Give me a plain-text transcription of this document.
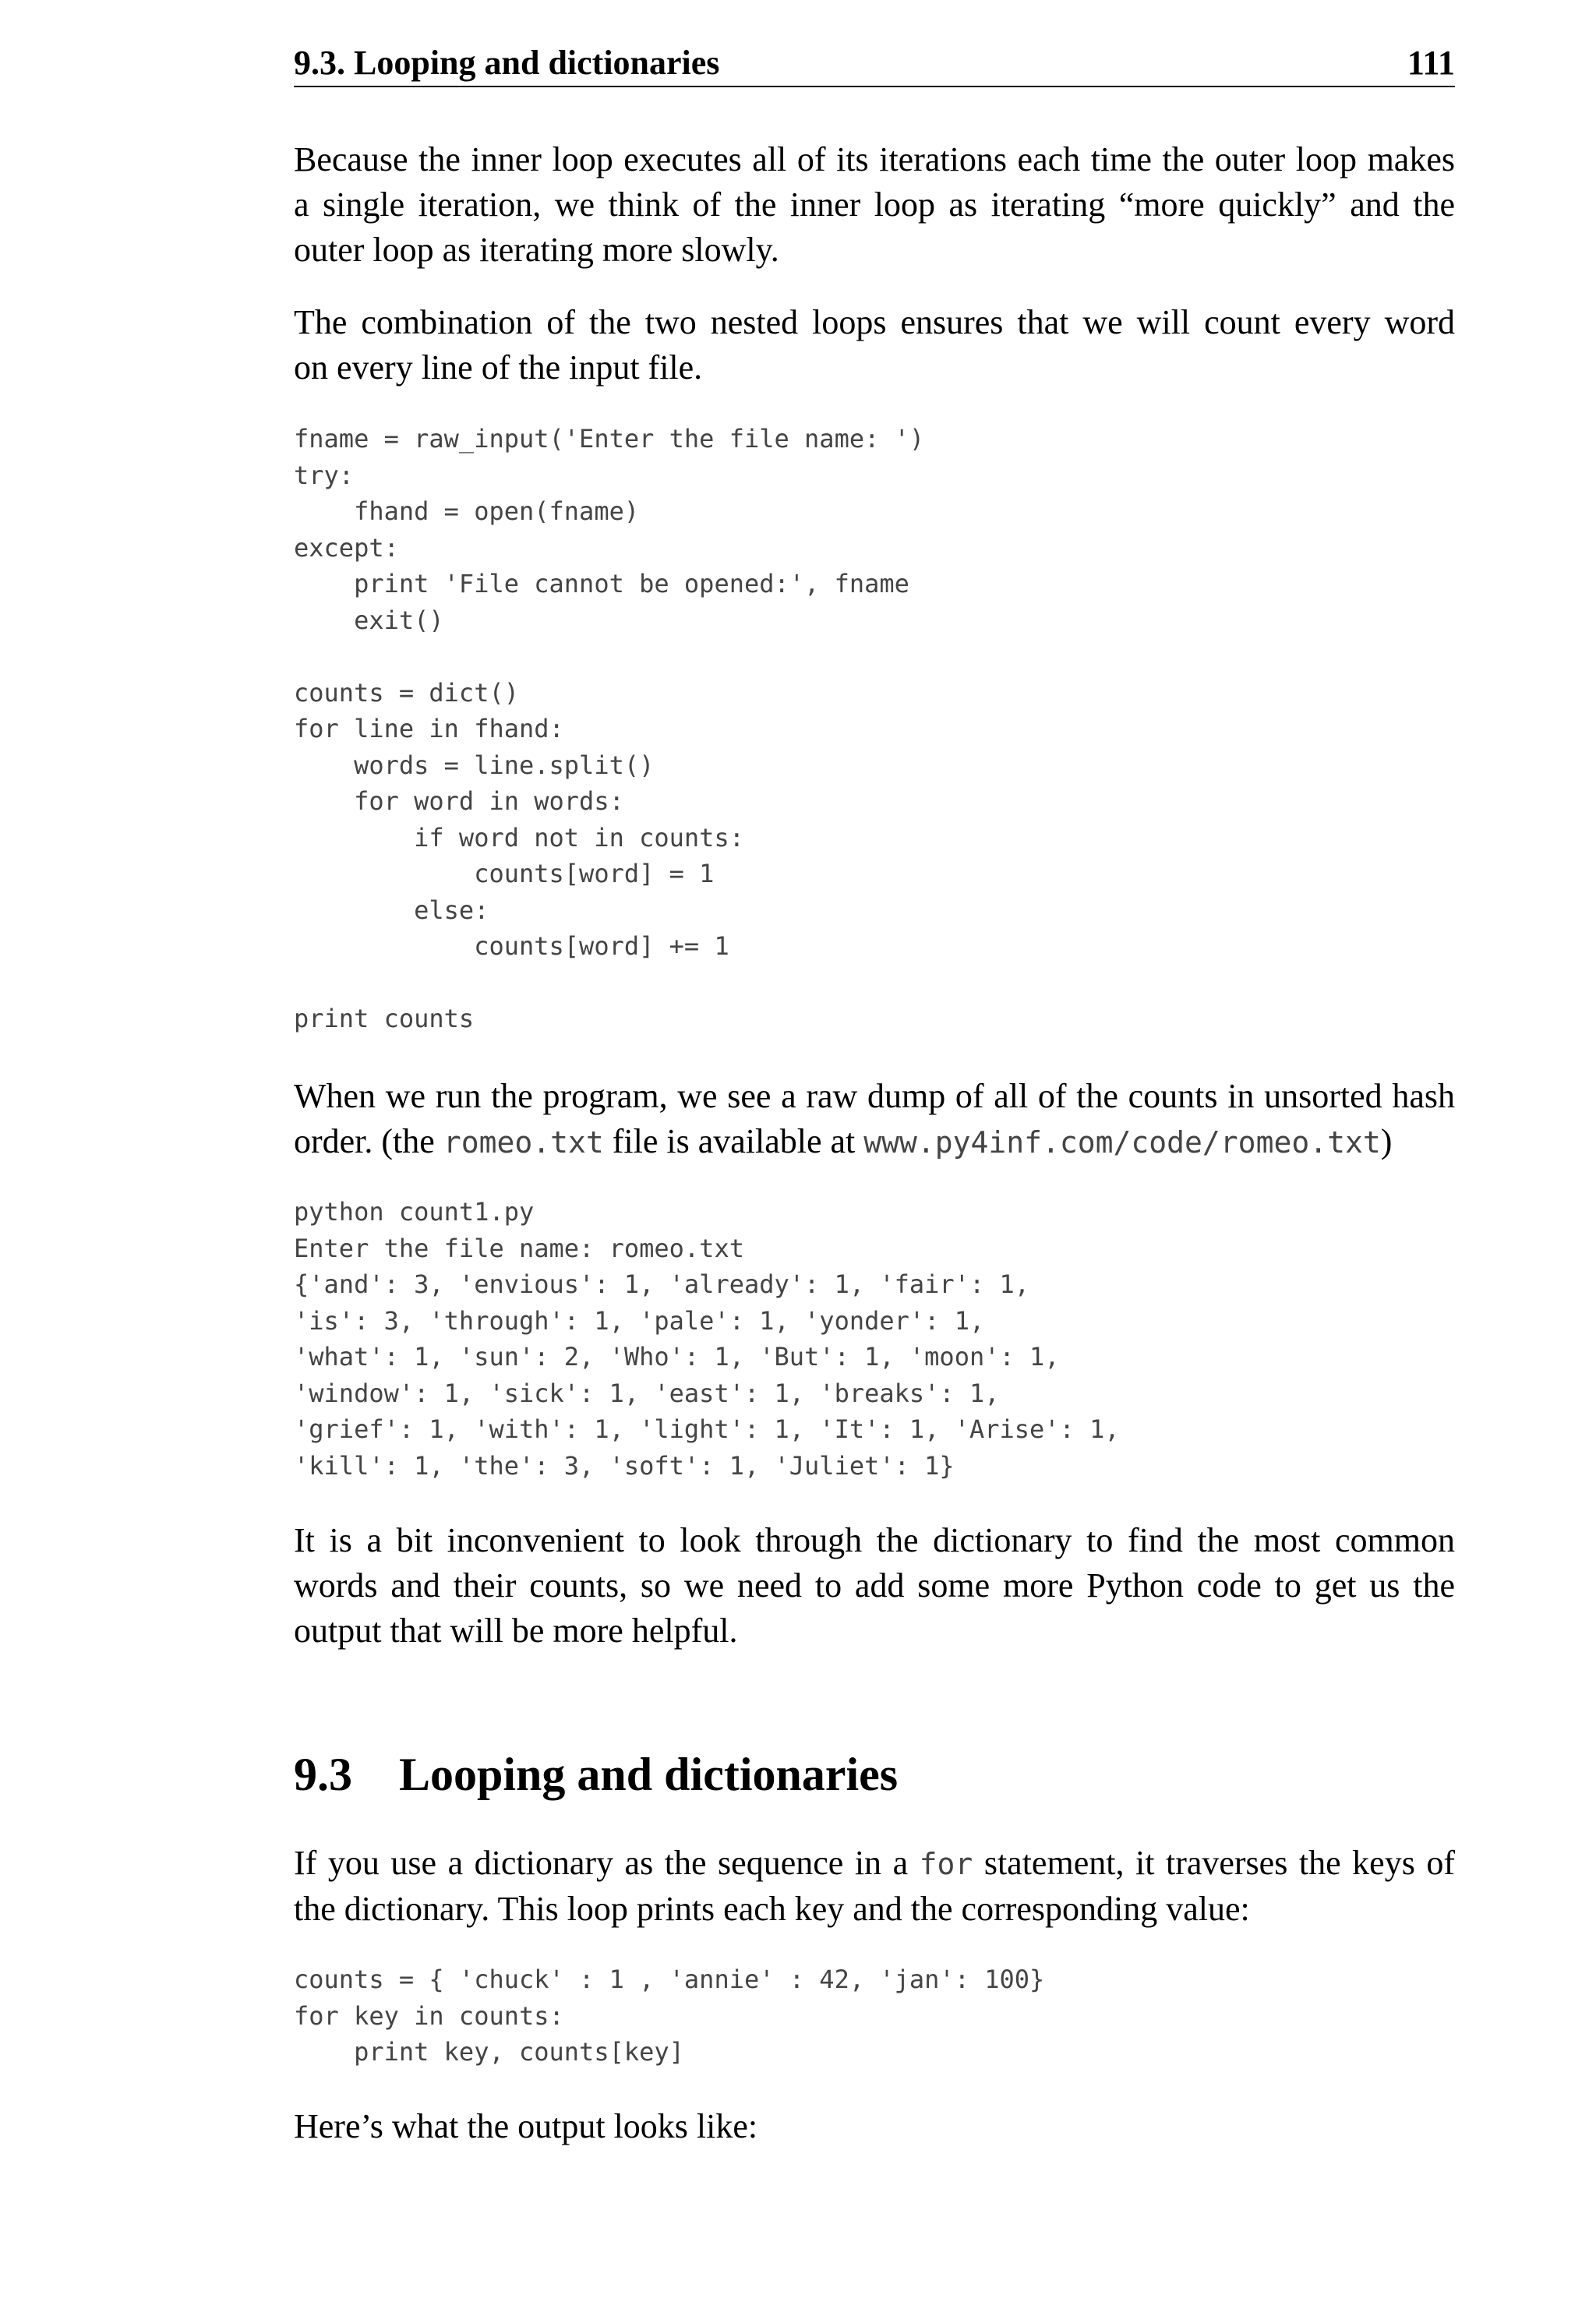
9.3. Looping and dictionaries	111
Because the inner loop executes all of its iterations each time the outer loop makes
a single iteration, we think of the inner loop as iterating “more quickly” and the
outer loop as iterating more slowly.
The combination of the two nested loops ensures that we will count every word
on every line of the input file.
fname = raw_input('Enter the file name: ')
try:
fhand = open(fname)
except:
print 'File cannot be opened:', fname
exit()

counts = dict()
for line in fhand:
words = line.split()
for word in words:
if word not in counts:
counts[word] = 1
else:
counts[word] += 1

print counts
When we run the program, we see a raw dump of all of the counts in unsorted hash
order. (the romeo.txt file is available at www.py4inf.com/code/romeo.txt)
python count1.py
Enter the file name: romeo.txt
{'and': 3, 'envious': 1, 'already': 1, 'fair': 1,
'is': 3, 'through': 1, 'pale': 1, 'yonder': 1,
'what': 1, 'sun': 2, 'Who': 1, 'But': 1, 'moon': 1,
'window': 1, 'sick': 1, 'east': 1, 'breaks': 1,
'grief': 1, 'with': 1, 'light': 1, 'It': 1, 'Arise': 1,
'kill': 1, 'the': 3, 'soft': 1, 'Juliet': 1}
It is a bit inconvenient to look through the dictionary to find the most common
words and their counts, so we need to add some more Python code to get us the
output that will be more helpful.
9.3 Looping and dictionaries
If you use a dictionary as the sequence in a for statement, it traverses the keys of
the dictionary. This loop prints each key and the corresponding value:
counts = { 'chuck' : 1 , 'annie' : 42, 'jan': 100}
for key in counts:
print key, counts[key]
Here’s what the output looks like:
